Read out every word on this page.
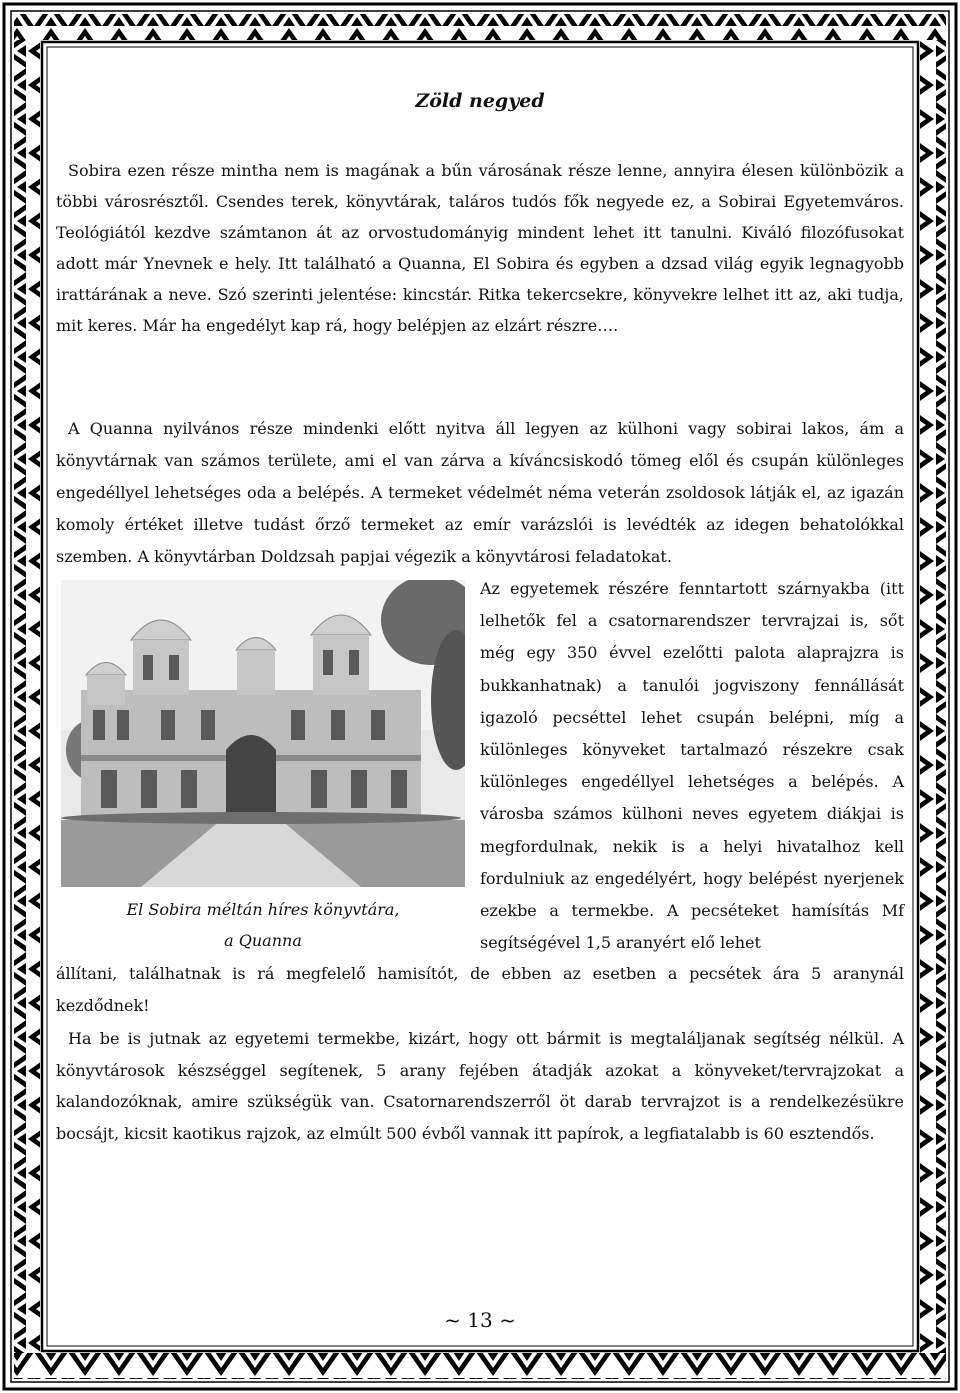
Zöld negyed
Sobira ezen része mintha nem is magának a bűn városának része lenne, annyira élesen különbözik a többi városrésztől. Csendes terek, könyvtárak, taláros tudós fők negyede ez, a Sobirai Egyetemváros. Teológiától kezdve számtanon át az orvostudományig mindent lehet itt tanulni. Kiváló filozófusokat adott már Ynevnek e hely. Itt található a Quanna, El Sobira és egyben a dzsad világ egyik legnagyobb irattárának a neve. Szó szerinti jelentése: kincstár. Ritka tekercsekre, könyvekre lelhet itt az, aki tudja, mit keres. Már ha engedélyt kap rá, hogy belépjen az elzárt részre….
A Quanna nyilvános része mindenki előtt nyitva áll legyen az külhoni vagy sobirai lakos, ám a könyvtárnak van számos területe, ami el van zárva a kíváncsiskodó tömeg elől és csupán különleges engedéllyel lehetséges oda a belépés. A termeket védelmét néma veterán zsoldosok látják el, az igazán komoly értéket illetve tudást őrző termeket az emír varázslói is levédték az idegen behatolókkal szemben. A könyvtárban Doldzsah papjai végezik a könyvtárosi feladatokat.
Az egyetemek részére fenntartott szárnyakba (itt lelhetők fel a csatornarendszer tervrajzai is, sőt még egy 350 évvel ezelőtti palota alaprajzra is bukkanhatnak) a tanulói jogviszony fennállását igazoló pecséttel lehet csupán belépni, míg a különleges könyveket tartalmazó részekre csak különleges engedéllyel lehetséges a belépés. A városba számos külhoni neves egyetem diákjai is megfordulnak, nekik is a helyi hivatalhoz kell fordulniuk az engedélyért, hogy belépést nyerjenek ezekbe a termekbe. A pecséteket hamísítás Mf segítségével 1,5 aranyért elő lehet
El Sobira méltán híres könyvtára,
a Quanna
állítani, találhatnak is rá megfelelő hamisítót, de ebben az esetben a pecsétek ára 5 aranynál kezdődnek!
Ha be is jutnak az egyetemi termekbe, kizárt, hogy ott bármit is megtaláljanak segítség nélkül. A könyvtárosok készséggel segítenek, 5 arany fejében átadják azokat a könyveket/tervrajzokat a kalandozóknak, amire szükségük van. Csatornarendszerről öt darab tervrajzot is a rendelkezésükre bocsájt, kicsit kaotikus rajzok, az elmúlt 500 évből vannak itt papírok, a legfiatalabb is 60 esztendős.
~ 13 ~
